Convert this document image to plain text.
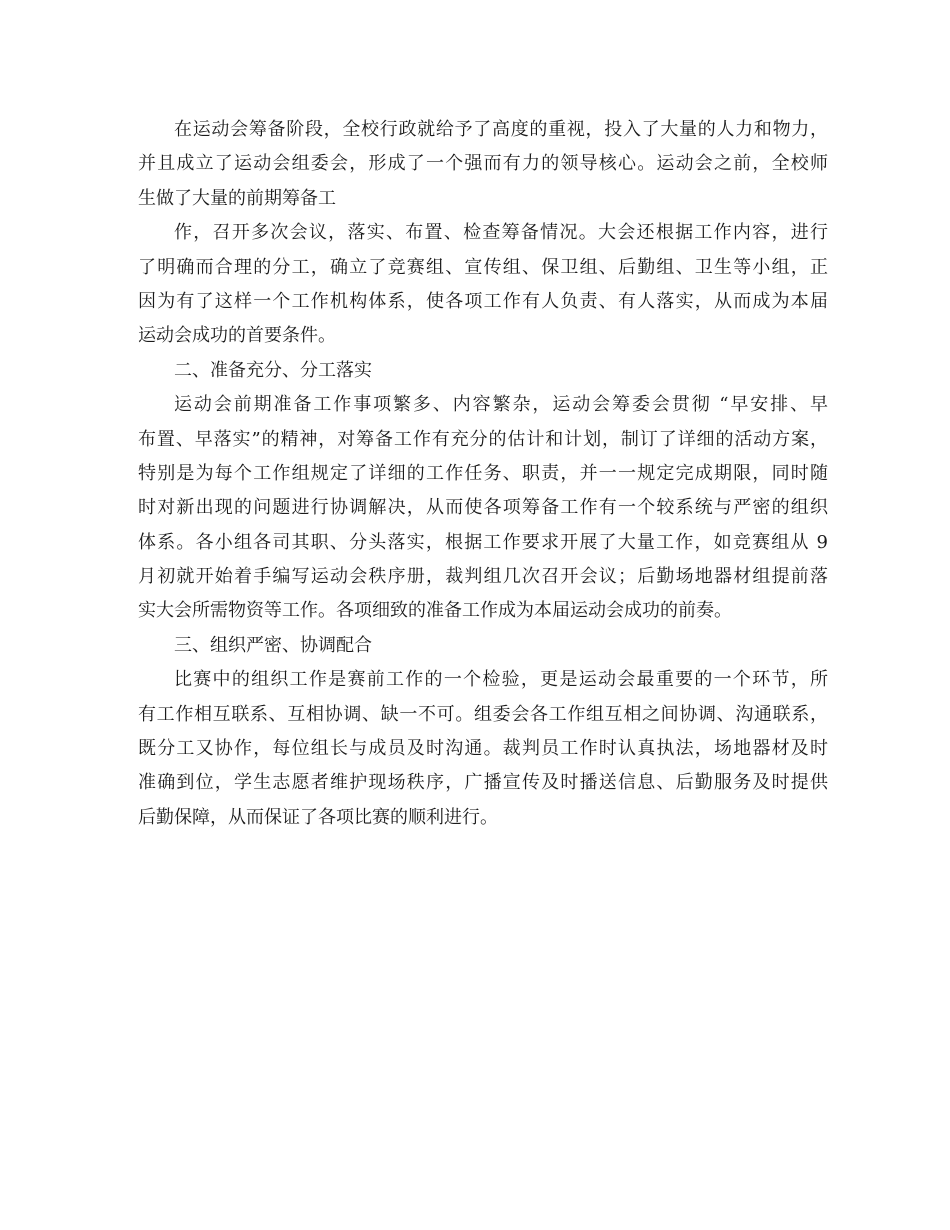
在运动会筹备阶段，全校行政就给予了高度的重视，投入了大量的人力和物力，
并且成立了运动会组委会，形成了一个强而有力的领导核心。运动会之前，全校师
生做了大量的前期筹备工
作，召开多次会议，落实、布置、检查筹备情况。大会还根据工作内容，进行
了明确而合理的分工，确立了竞赛组、宣传组、保卫组、后勤组、卫生等小组，正
因为有了这样一个工作机构体系，使各项工作有人负责、有人落实，从而成为本届
运动会成功的首要条件。
二、准备充分、分工落实
运动会前期准备工作事项繁多、内容繁杂，运动会筹委会贯彻 “早安排、早
布置、早落实”的精神，对筹备工作有充分的估计和计划，制订了详细的活动方案，
特别是为每个工作组规定了详细的工作任务、职责，并一一规定完成期限，同时随
时对新出现的问题进行协调解决，从而使各项筹备工作有一个较系统与严密的组织
体系。各小组各司其职、分头落实，根据工作要求开展了大量工作，如竞赛组从 9
月初就开始着手编写运动会秩序册，裁判组几次召开会议；后勤场地器材组提前落
实大会所需物资等工作。各项细致的准备工作成为本届运动会成功的前奏。
三、组织严密、协调配合
比赛中的组织工作是赛前工作的一个检验，更是运动会最重要的一个环节，所
有工作相互联系、互相协调、缺一不可。组委会各工作组互相之间协调、沟通联系，
既分工又协作，每位组长与成员及时沟通。裁判员工作时认真执法，场地器材及时
准确到位，学生志愿者维护现场秩序，广播宣传及时播送信息、后勤服务及时提供
后勤保障，从而保证了各项比赛的顺利进行。
